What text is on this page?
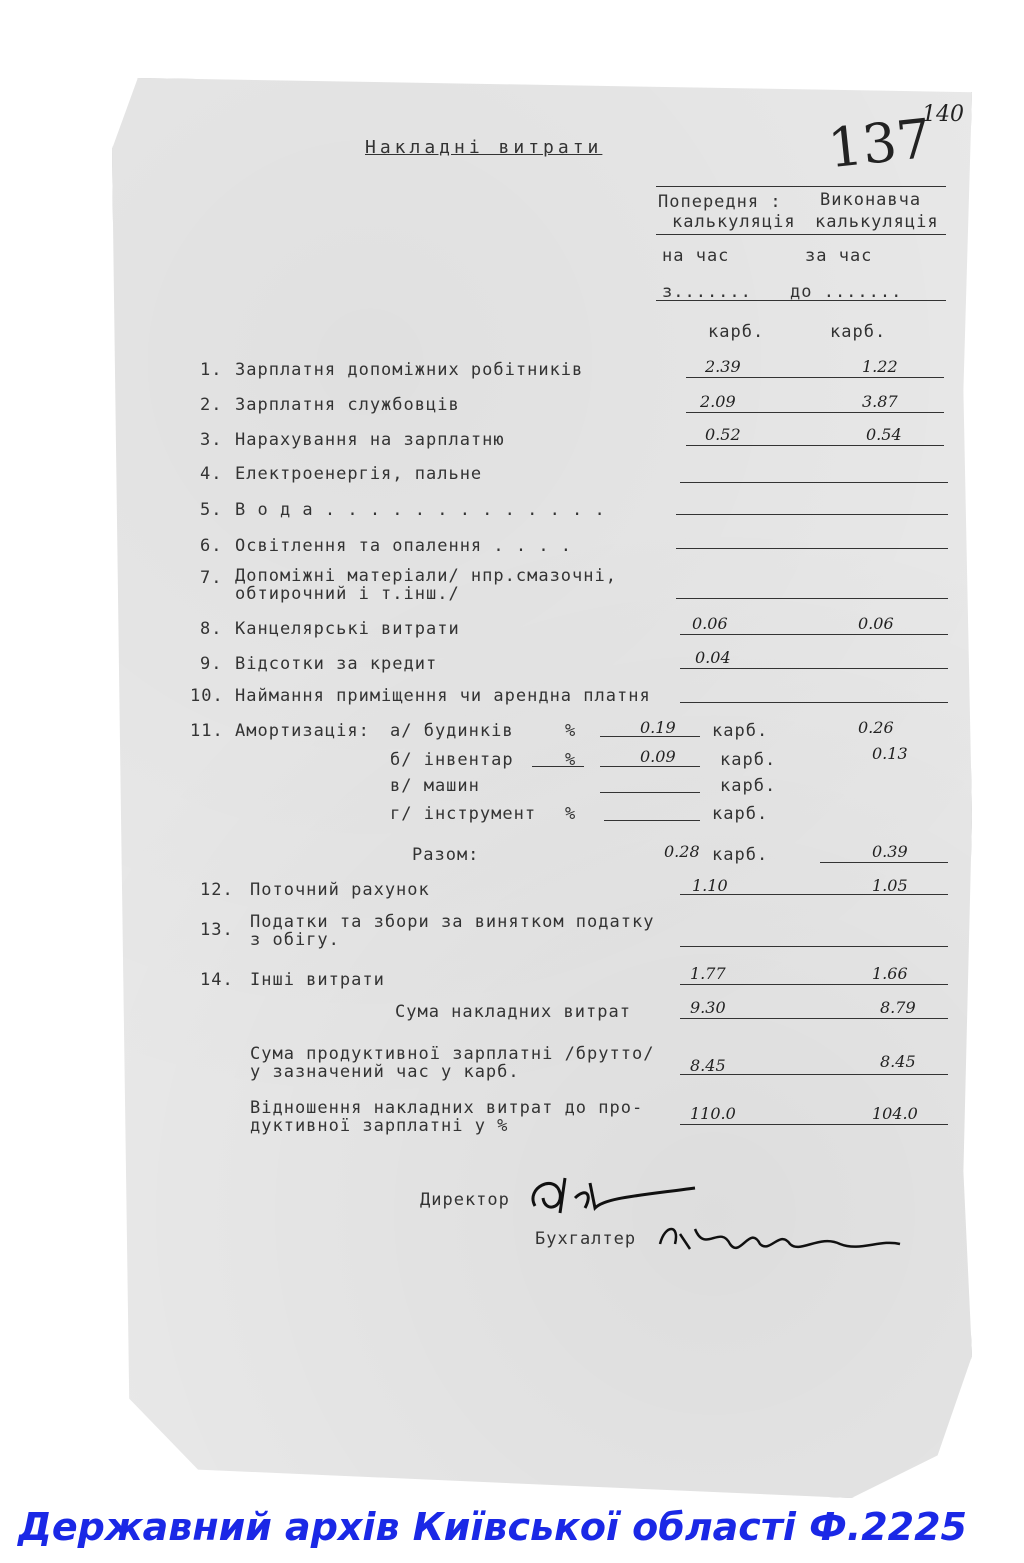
137
140
Накладні витрати
Попередня :
калькуляція
Виконавча
калькуляція
на час	за час
з....... до .......
карб.	карб.
1. Зарплатня допоміжних робітників	2.39	1.22
2. Зарплатня службовців	2.09	3.87
3. Нарахування на зарплатню	0.52	0.54
4. Електроенергія, пальне
5. В о д а . . . . . . . . . . . . .
6. Освітлення та опалення . . . .
7. Допоміжні матеріали/ нпр.смазочні,
обтирочний і т.інш./
8. Канцелярські витрати	0.06	0.06
9. Відсотки за кредит	0.04
10. Наймання приміщення чи арендна платня
11. Амортизація: а/ будинків	%	0.19 карб.	0.26
б/ інвентар	%	0.09	карб.	0.13
в/ машин	карб.
г/ інструмент %	карб.
Разом:	0.28 карб.	0.39
12. Поточний рахунок	1.10	1.05
13. Податки та збори за винятком податку
з обігу.
14. Інші витрати	1.77	1.66
Сума накладних витрат	9.30	8.79
Сума продуктивної зарплатні /брутто/
у зазначений час у карб.	8.45	8.45
Відношення накладних витрат до про-
дуктивної зарплатні у %
110.0	104.0
Директор
Бухгалтер
Державний архів Київської області Ф.2225
